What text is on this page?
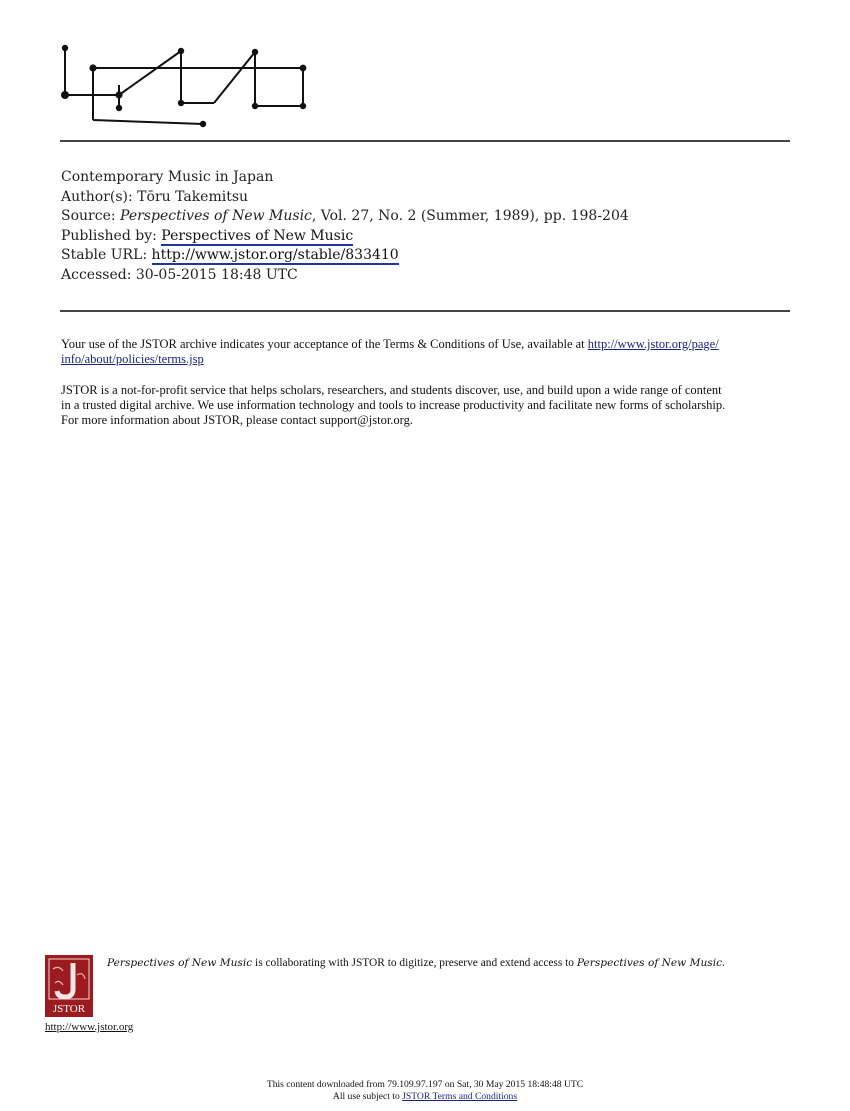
Contemporary Music in Japan
Author(s): Tōru Takemitsu
Source: Perspectives of New Music, Vol. 27, No. 2 (Summer, 1989), pp. 198-204
Published by: Perspectives of New Music
Stable URL: http://www.jstor.org/stable/833410
Accessed: 30-05-2015 18:48 UTC
Your use of the JSTOR archive indicates your acceptance of the Terms & Conditions of Use, available at http://www.jstor.org/page/
info/about/policies/terms.jsp
JSTOR is a not-for-profit service that helps scholars, researchers, and students discover, use, and build upon a wide range of content
in a trusted digital archive. We use information technology and tools to increase productivity and facilitate new forms of scholarship.
For more information about JSTOR, please contact support@jstor.org.
JSTOR
http://www.jstor.org
Perspectives of New Music is collaborating with JSTOR to digitize, preserve and extend access to Perspectives of New Music.
This content downloaded from 79.109.97.197 on Sat, 30 May 2015 18:48:48 UTC
All use subject to JSTOR Terms and Conditions
